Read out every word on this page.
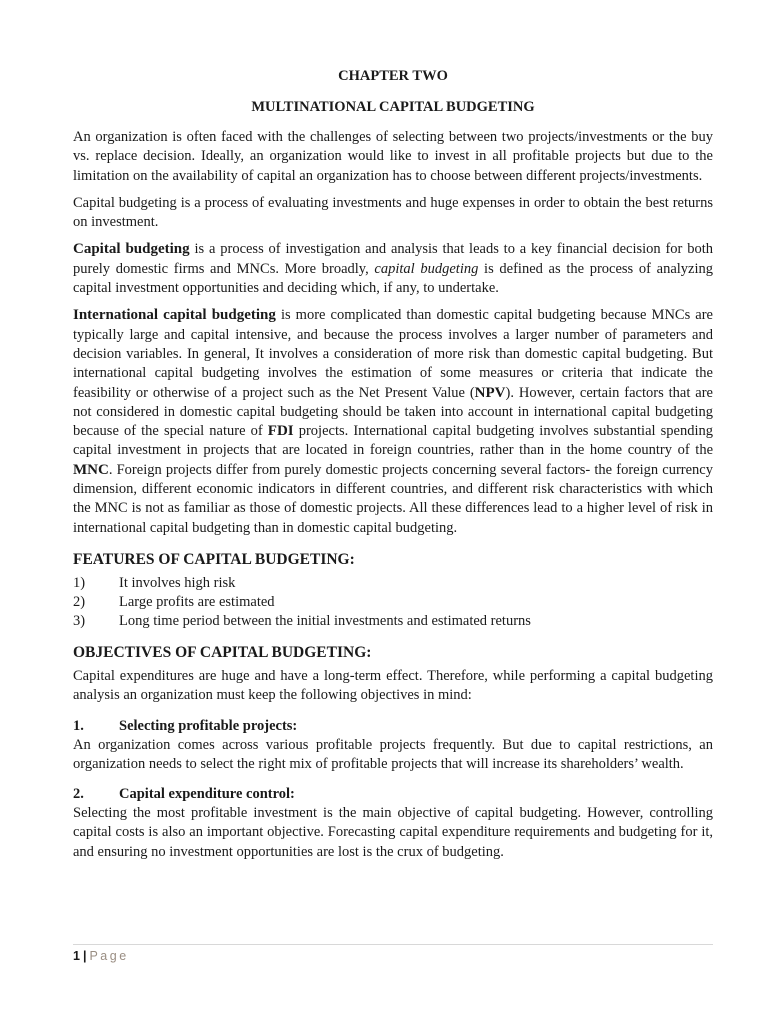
CHAPTER TWO
MULTINATIONAL CAPITAL BUDGETING

An organization is often faced with the challenges of selecting between two projects/investments or the buy vs. replace decision. Ideally, an organization would like to invest in all profitable projects but due to the limitation on the availability of capital an organization has to choose between different projects/investments.

Capital budgeting is a process of evaluating investments and huge expenses in order to obtain the best returns on investment.

Capital budgeting is a process of investigation and analysis that leads to a key financial decision for both purely domestic firms and MNCs. More broadly, capital budgeting is defined as the process of analyzing capital investment opportunities and deciding which, if any, to undertake.

International capital budgeting is more complicated than domestic capital budgeting because MNCs are typically large and capital intensive, and because the process involves a larger number of parameters and decision variables. In general, It involves a consideration of more risk than domestic capital budgeting. But international capital budgeting involves the estimation of some measures or criteria that indicate the feasibility or otherwise of a project such as the Net Present Value (NPV). However, certain factors that are not considered in domestic capital budgeting should be taken into account in international capital budgeting because of the special nature of FDI projects. International capital budgeting involves substantial spending capital investment in projects that are located in foreign countries, rather than in the home country of the MNC. Foreign projects differ from purely domestic projects concerning several factors- the foreign currency dimension, different economic indicators in different countries, and different risk characteristics with which the MNC is not as familiar as those of domestic projects. All these differences lead to a higher level of risk in international capital budgeting than in domestic capital budgeting.

FEATURES OF CAPITAL BUDGETING:
1)	It involves high risk
2)	Large profits are estimated
3)	Long time period between the initial investments and estimated returns
OBJECTIVES OF CAPITAL BUDGETING:

Capital expenditures are huge and have a long-term effect. Therefore, while performing a capital budgeting analysis an organization must keep the following objectives in mind:

1.	Selecting profitable projects:

An organization comes across various profitable projects frequently. But due to capital restrictions, an organization needs to select the right mix of profitable projects that will increase its shareholders’ wealth.

2.	Capital expenditure control:

Selecting the most profitable investment is the main objective of capital budgeting. However, controlling capital costs is also an important objective. Forecasting capital expenditure requirements and budgeting for it, and ensuring no investment opportunities are lost is the crux of budgeting.

1 | Page
